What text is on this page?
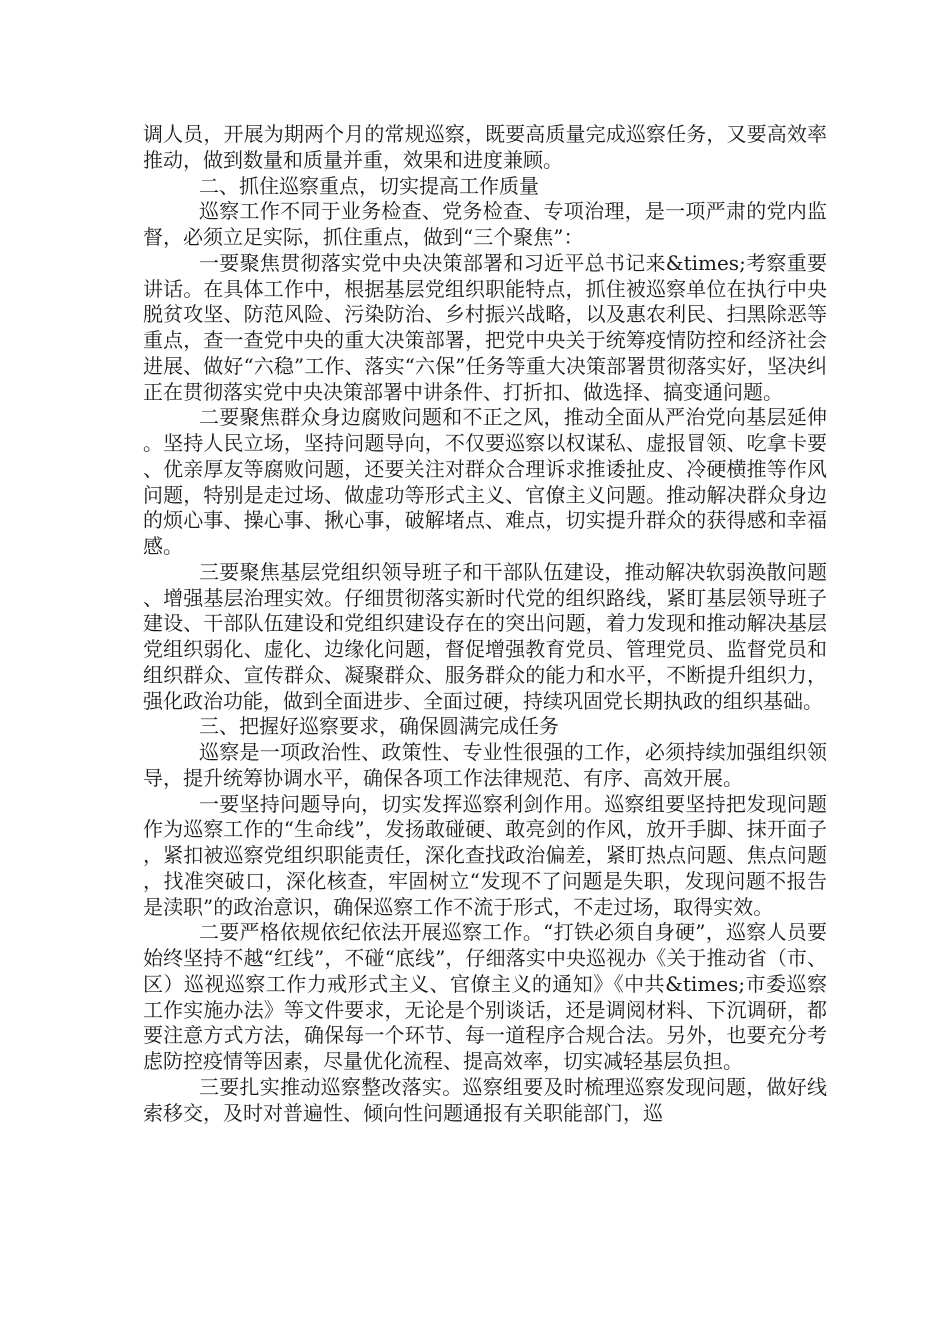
调人员，开展为期两个月的常规巡察，既要高质量完成巡察任务，又要高效率推动，做到数量和质量并重，效果和进度兼顾。

二、抓住巡察重点，切实提高工作质量

巡察工作不同于业务检查、党务检查、专项治理，是一项严肃的党内监督，必须立足实际，抓住重点，做到“三个聚焦”：

一要聚焦贯彻落实党中央决策部署和习近平总书记来&times;考察重要讲话。在具体工作中，根据基层党组织职能特点，抓住被巡察单位在执行中央脱贫攻坚、防范风险、污染防治、乡村振兴战略，以及惠农利民、扫黑除恶等重点，查一查党中央的重大决策部署，把党中央关于统筹疫情防控和经济社会进展、做好“六稳”工作、落实“六保”任务等重大决策部署贯彻落实好，坚决纠正在贯彻落实党中央决策部署中讲条件、打折扣、做选择、搞变通问题。

二要聚焦群众身边腐败问题和不正之风，推动全面从严治党向基层延伸。坚持人民立场，坚持问题导向，不仅要巡察以权谋私、虚报冒领、吃拿卡要、优亲厚友等腐败问题，还要关注对群众合理诉求推诿扯皮、冷硬横推等作风问题，特别是走过场、做虚功等形式主义、官僚主义问题。推动解决群众身边的烦心事、操心事、揪心事，破解堵点、难点，切实提升群众的获得感和幸福感。

三要聚焦基层党组织领导班子和干部队伍建设，推动解决软弱涣散问题、增强基层治理实效。仔细贯彻落实新时代党的组织路线，紧盯基层领导班子建设、干部队伍建设和党组织建设存在的突出问题，着力发现和推动解决基层党组织弱化、虚化、边缘化问题，督促增强教育党员、管理党员、监督党员和组织群众、宣传群众、凝聚群众、服务群众的能力和水平，不断提升组织力，强化政治功能，做到全面进步、全面过硬，持续巩固党长期执政的组织基础。

三、把握好巡察要求，确保圆满完成任务

巡察是一项政治性、政策性、专业性很强的工作，必须持续加强组织领导，提升统筹协调水平，确保各项工作法律规范、有序、高效开展。

一要坚持问题导向，切实发挥巡察利剑作用。巡察组要坚持把发现问题作为巡察工作的“生命线”，发扬敢碰硬、敢亮剑的作风，放开手脚、抹开面子，紧扣被巡察党组织职能责任，深化查找政治偏差，紧盯热点问题、焦点问题，找准突破口，深化核查，牢固树立“发现不了问题是失职，发现问题不报告是渎职”的政治意识，确保巡察工作不流于形式，不走过场，取得实效。

二要严格依规依纪依法开展巡察工作。“打铁必须自身硬”，巡察人员要始终坚持不越“红线”，不碰“底线”，仔细落实中央巡视办《关于推动省（市、区）巡视巡察工作力戒形式主义、官僚主义的通知》《中共&times;市委巡察工作实施办法》等文件要求，无论是个别谈话，还是调阅材料、下沉调研，都要注意方式方法，确保每一个环节、每一道程序合规合法。另外，也要充分考虑防控疫情等因素，尽量优化流程、提高效率，切实减轻基层负担。

三要扎实推动巡察整改落实。巡察组要及时梳理巡察发现问题，做好线索移交，及时对普遍性、倾向性问题通报有关职能部门，巡
